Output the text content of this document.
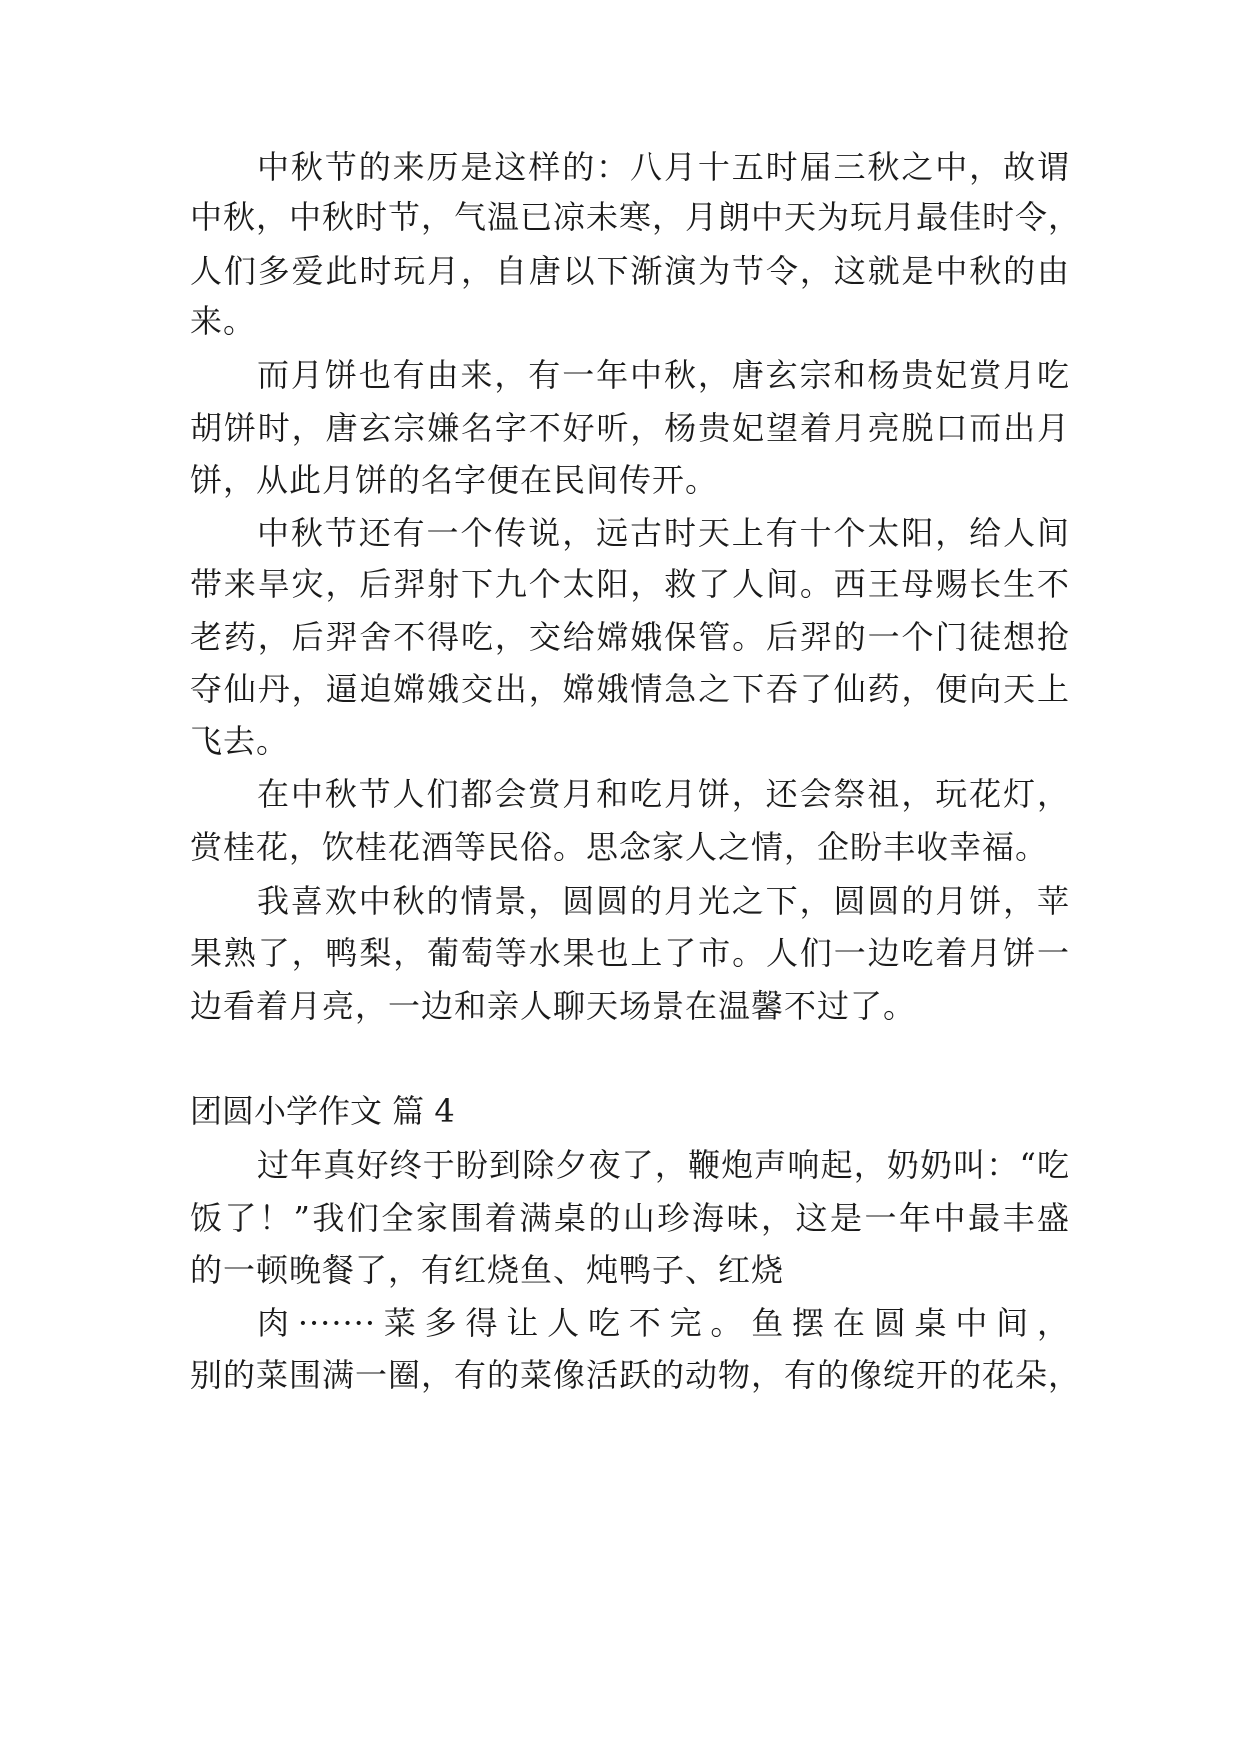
中秋节的来历是这样的：八月十五时届三秋之中，故谓

中秋，中秋时节，气温已凉未寒，月朗中天为玩月最佳时令，

人们多爱此时玩月，自唐以下渐演为节令，这就是中秋的由

来。

而月饼也有由来，有一年中秋，唐玄宗和杨贵妃赏月吃

胡饼时，唐玄宗嫌名字不好听，杨贵妃望着月亮脱口而出月

饼，从此月饼的名字便在民间传开。

中秋节还有一个传说，远古时天上有十个太阳，给人间

带来旱灾，后羿射下九个太阳，救了人间。西王母赐长生不

老药，后羿舍不得吃，交给嫦娥保管。后羿的一个门徒想抢

夺仙丹，逼迫嫦娥交出，嫦娥情急之下吞了仙药，便向天上

飞去。

在中秋节人们都会赏月和吃月饼，还会祭祖，玩花灯，

赏桂花，饮桂花酒等民俗。思念家人之情，企盼丰收幸福。

我喜欢中秋的情景，圆圆的月光之下，圆圆的月饼，苹

果熟了，鸭梨，葡萄等水果也上了市。人们一边吃着月饼一

边看着月亮，一边和亲人聊天场景在温馨不过了。

团圆小学作文 篇 4

过年真好终于盼到除夕夜了，鞭炮声响起，奶奶叫：“吃

饭了！”我们全家围着满桌的山珍海味，这是一年中最丰盛

的一顿晚餐了，有红烧鱼、炖鸭子、红烧

肉·······菜多得让人吃不完。鱼摆在圆桌中间，

别的菜围满一圈，有的菜像活跃的动物，有的像绽开的花朵，
